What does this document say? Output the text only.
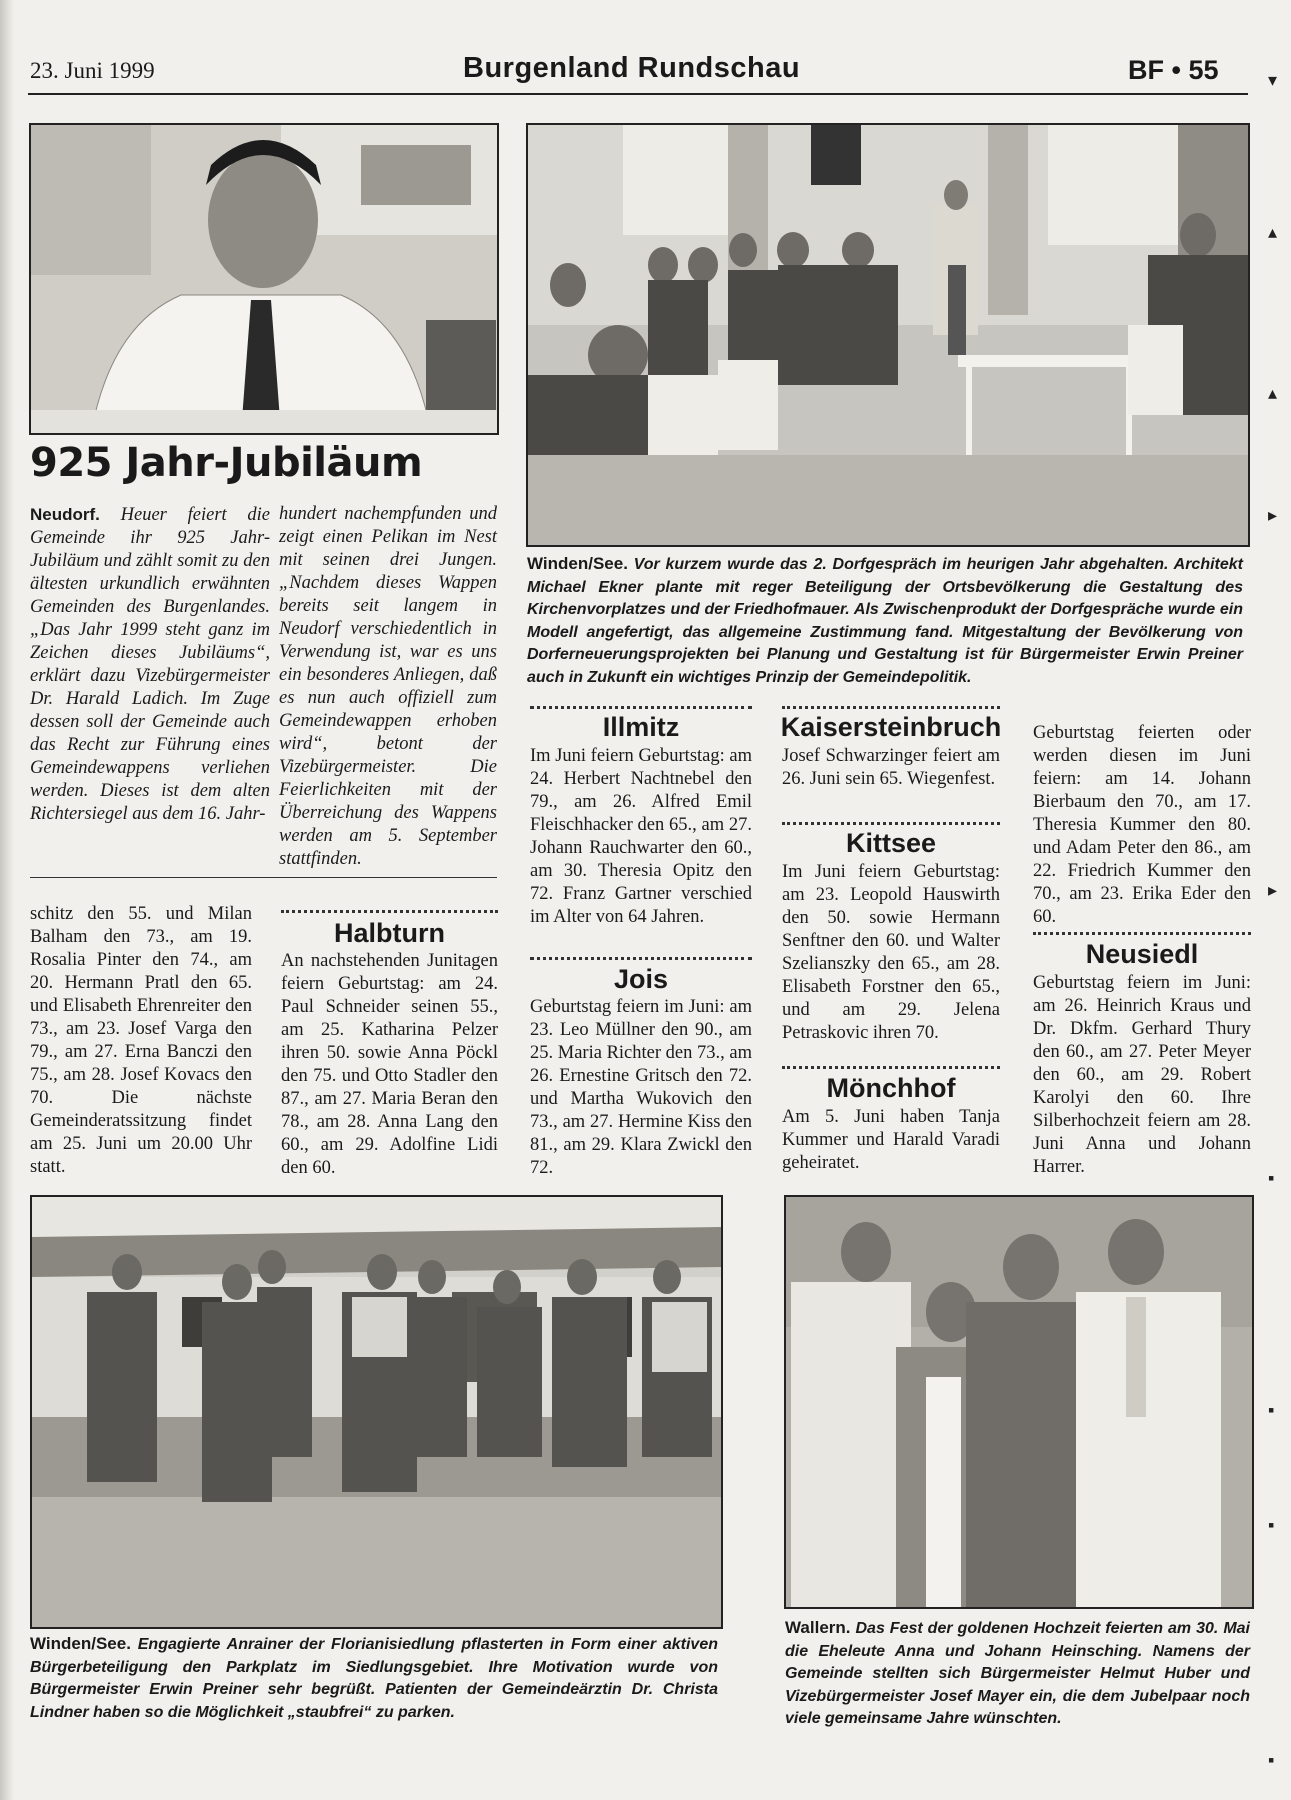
23. Juni 1999	Burgenland Rundschau	BF • 55
925 Jahr-Jubiläum
Neudorf. Heuer feiert die Gemeinde ihr 925 Jahr-Jubiläum und zählt somit zu den ältesten urkundlich erwähnten Gemeinden des Burgenlandes. „Das Jahr 1999 steht ganz im Zeichen dieses Jubiläums“, erklärt dazu Vizebürgermeister Dr. Harald Ladich. Im Zuge dessen soll der Gemeinde auch das Recht zur Führung eines Gemeindewappens verliehen werden. Dieses ist dem alten Richtersiegel aus dem 16. Jahr-
hundert nachempfunden und zeigt einen Pelikan im Nest mit seinen drei Jungen. „Nachdem dieses Wappen bereits seit langem in Neudorf verschiedentlich in Verwendung ist, war es uns ein besonderes Anliegen, daß es nun auch offiziell zum Gemeindewappen erhoben wird“, betont der Vizebürgermeister. Die Feierlichkeiten mit der Überreichung des Wappens werden am 5. September stattfinden.
Winden/See. Vor kurzem wurde das 2. Dorfgespräch im heurigen Jahr abgehalten. Architekt Michael Ekner plante mit reger Beteiligung der Ortsbevölkerung die Gestaltung des Kirchenvorplatzes und der Friedhofmauer. Als Zwischenprodukt der Dorfgespräche wurde ein Modell angefertigt, das allgemeine Zustimmung fand. Mitgestaltung der Bevölkerung von Dorferneuerungsprojekten bei Planung und Gestaltung ist für Bürgermeister Erwin Preiner auch in Zukunft ein wichtiges Prinzip der Gemeindepolitik.
schitz den 55. und Milan Balham den 73., am 19. Rosalia Pinter den 74., am 20. Hermann Pratl den 65. und Elisabeth Ehrenreiter den 73., am 23. Josef Varga den 79., am 27. Erna Banczi den 75., am 28. Josef Kovacs den 70. Die nächste Gemeinderatssitzung findet am 25. Juni um 20.00 Uhr statt.
Halbturn
An nachstehenden Junitagen feiern Geburtstag: am 24. Paul Schneider seinen 55., am 25. Katharina Pelzer ihren 50. sowie Anna Pöckl den 75. und Otto Stadler den 87., am 27. Maria Beran den 78., am 28. Anna Lang den 60., am 29. Adolfine Lidi den 60.
Illmitz
Im Juni feiern Geburtstag: am 24. Herbert Nachtnebel den 79., am 26. Alfred Emil Fleischhacker den 65., am 27. Johann Rauchwarter den 60., am 30. Theresia Opitz den 72. Franz Gartner verschied im Alter von 64 Jahren.
Jois
Geburtstag feiern im Juni: am 23. Leo Müllner den 90., am 25. Maria Richter den 73., am 26. Ernestine Gritsch den 72. und Martha Wukovich den 73., am 27. Hermine Kiss den 81., am 29. Klara Zwickl den 72.
Kaisersteinbruch
Josef Schwarzinger feiert am 26. Juni sein 65. Wiegenfest.
Kittsee
Im Juni feiern Geburtstag: am 23. Leopold Hauswirth den 50. sowie Hermann Senftner den 60. und Walter Szelianszky den 65., am 28. Elisabeth Forstner den 65., und am 29. Jelena Petraskovic ihren 70.
Mönchhof
Am 5. Juni haben Tanja Kummer und Harald Varadi geheiratet.
Geburtstag feierten oder werden diesen im Juni feiern: am 14. Johann Bierbaum den 70., am 17. Theresia Kummer den 80. und Adam Peter den 86., am 22. Friedrich Kummer den 70., am 23. Erika Eder den 60.
Neusiedl
Geburtstag feiern im Juni: am 26. Heinrich Kraus und Dr. Dkfm. Gerhard Thury den 60., am 27. Peter Meyer den 60., am 29. Robert Karolyi den 60. Ihre Silberhochzeit feiern am 28. Juni Anna und Johann Harrer.
Winden/See. Engagierte Anrainer der Florianisiedlung pflasterten in Form einer aktiven Bürgerbeteiligung den Parkplatz im Siedlungsgebiet. Ihre Motivation wurde von Bürgermeister Erwin Preiner sehr begrüßt. Patienten der Gemeindeärztin Dr. Christa Lindner haben so die Möglichkeit „staubfrei“ zu parken.
Wallern. Das Fest der goldenen Hochzeit feierten am 30. Mai die Eheleute Anna und Johann Heinsching. Namens der Gemeinde stellten sich Bürgermeister Helmut Huber und Vizebürgermeister Josef Mayer ein, die dem Jubelpaar noch viele gemeinsame Jahre wünschten.
▾
▴
▴
▸
▸
▪
▪
▪
▪
